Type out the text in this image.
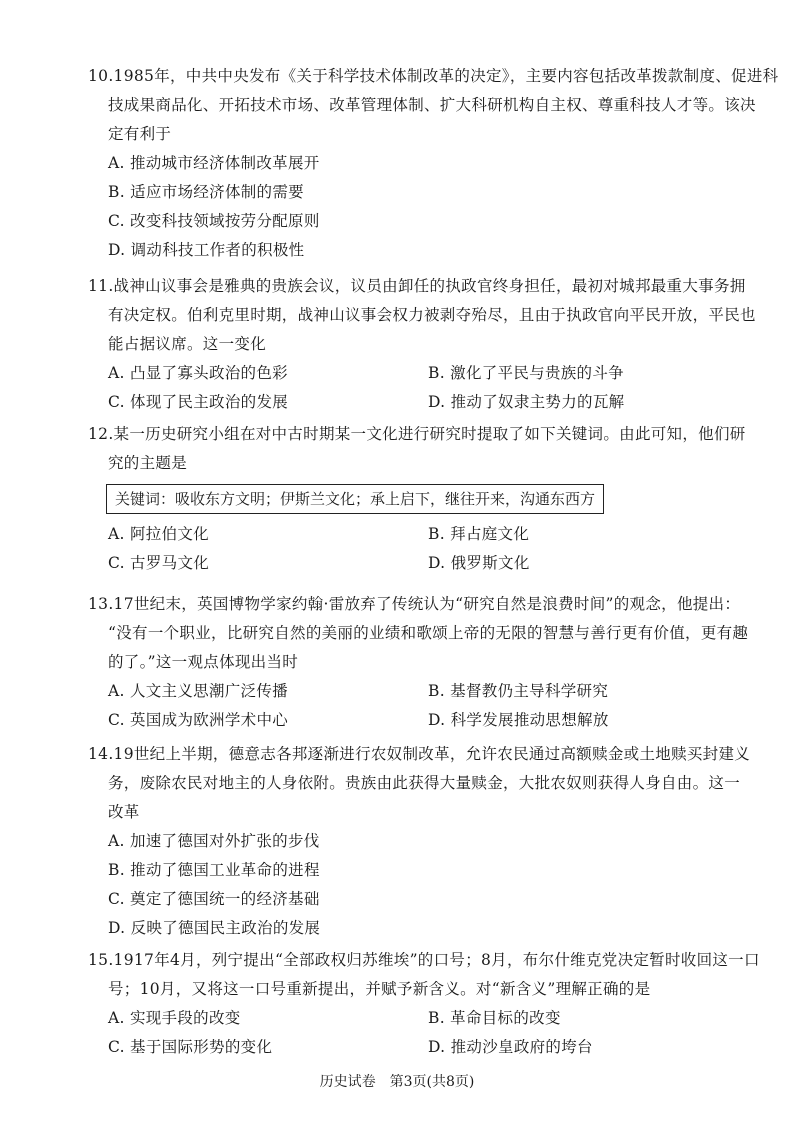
10.1985年，中共中央发布《关于科学技术体制改革的决定》，主要内容包括改革拨款制度、促进科
技成果商品化、开拓技术市场、改革管理体制、扩大科研机构自主权、尊重科技人才等。该决
定有利于
A. 推动城市经济体制改革展开
B. 适应市场经济体制的需要
C. 改变科技领域按劳分配原则
D. 调动科技工作者的积极性
11.战神山议事会是雅典的贵族会议，议员由卸任的执政官终身担任，最初对城邦最重大事务拥
有决定权。伯利克里时期，战神山议事会权力被剥夺殆尽，且由于执政官向平民开放，平民也
能占据议席。这一变化
A. 凸显了寡头政治的色彩	B. 激化了平民与贵族的斗争
C. 体现了民主政治的发展	D. 推动了奴隶主势力的瓦解
12.某一历史研究小组在对中古时期某一文化进行研究时提取了如下关键词。由此可知，他们研
究的主题是
关键词：吸收东方文明；伊斯兰文化；承上启下，继往开来，沟通东西方
A. 阿拉伯文化	B. 拜占庭文化
C. 古罗马文化	D. 俄罗斯文化
13.17世纪末，英国博物学家约翰·雷放弃了传统认为“研究自然是浪费时间”的观念，他提出：
“没有一个职业，比研究自然的美丽的业绩和歌颂上帝的无限的智慧与善行更有价值，更有趣
的了。”这一观点体现出当时
A. 人文主义思潮广泛传播	B. 基督教仍主导科学研究
C. 英国成为欧洲学术中心	D. 科学发展推动思想解放
14.19世纪上半期，德意志各邦逐渐进行农奴制改革，允许农民通过高额赎金或土地赎买封建义
务，废除农民对地主的人身依附。贵族由此获得大量赎金，大批农奴则获得人身自由。这一
改革
A. 加速了德国对外扩张的步伐
B. 推动了德国工业革命的进程
C. 奠定了德国统一的经济基础
D. 反映了德国民主政治的发展
15.1917年4月，列宁提出“全部政权归苏维埃”的口号；8月，布尔什维克党决定暂时收回这一口
号；10月，又将这一口号重新提出，并赋予新含义。对“新含义”理解正确的是
A. 实现手段的改变	B. 革命目标的改变
C. 基于国际形势的变化	D. 推动沙皇政府的垮台
历史试卷　第3页(共8页)
